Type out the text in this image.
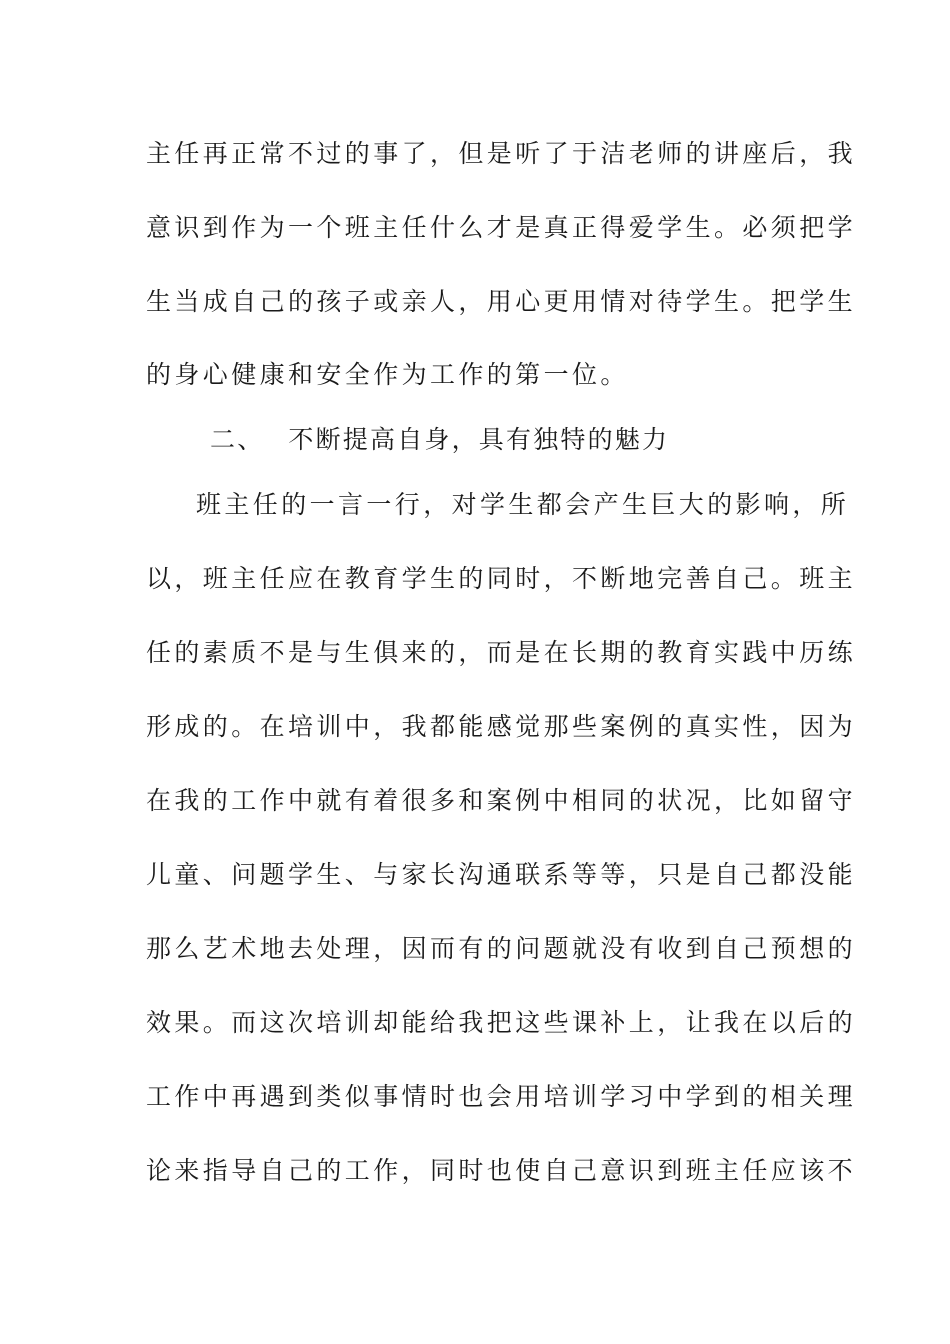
主任再正常不过的事了，但是听了于洁老师的讲座后，我
意识到作为一个班主任什么才是真正得爱学生。必须把学
生当成自己的孩子或亲人，用心更用情对待学生。把学生
的身心健康和安全作为工作的第一位。
二、 不断提高自身，具有独特的魅力
班主任的一言一行，对学生都会产生巨大的影响，所
以，班主任应在教育学生的同时，不断地完善自己。班主
任的素质不是与生俱来的，而是在长期的教育实践中历练
形成的。在培训中，我都能感觉那些案例的真实性，因为
在我的工作中就有着很多和案例中相同的状况，比如留守
儿童、问题学生、与家长沟通联系等等，只是自己都没能
那么艺术地去处理，因而有的问题就没有收到自己预想的
效果。而这次培训却能给我把这些课补上，让我在以后的
工作中再遇到类似事情时也会用培训学习中学到的相关理
论来指导自己的工作，同时也使自己意识到班主任应该不
